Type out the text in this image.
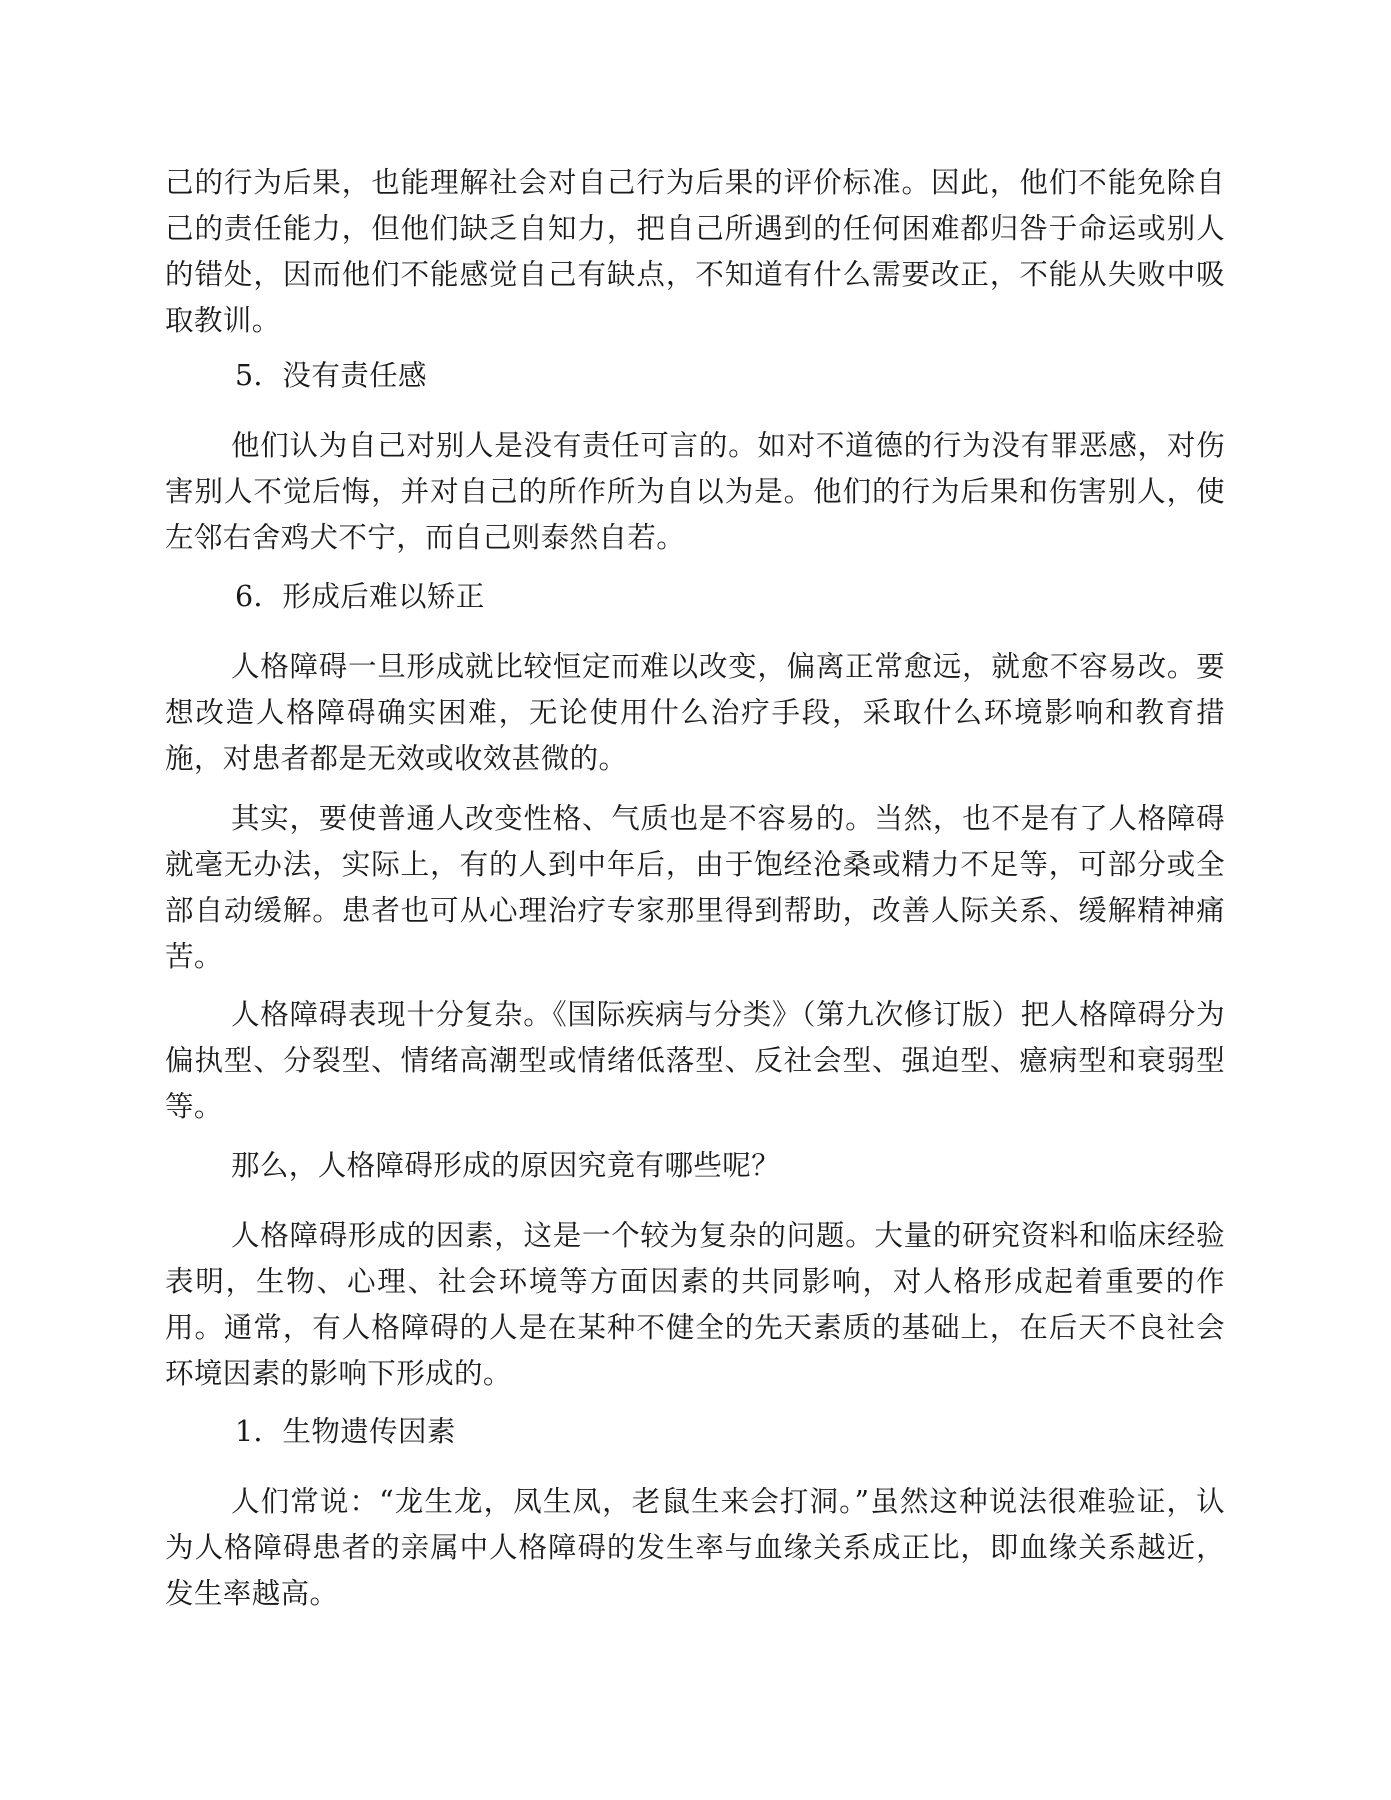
己的行为后果，也能理解社会对自己行为后果的评价标准。因此，他们不能免除自己的责任能力，但他们缺乏自知力，把自己所遇到的任何困难都归咎于命运或别人的错处，因而他们不能感觉自己有缺点，不知道有什么需要改正，不能从失败中吸取教训。

5．没有责任感

他们认为自己对别人是没有责任可言的。如对不道德的行为没有罪恶感，对伤害别人不觉后悔，并对自己的所作所为自以为是。他们的行为后果和伤害别人，使左邻右舍鸡犬不宁，而自己则泰然自若。

6．形成后难以矫正

人格障碍一旦形成就比较恒定而难以改变，偏离正常愈远，就愈不容易改。要想改造人格障碍确实困难，无论使用什么治疗手段，采取什么环境影响和教育措施，对患者都是无效或收效甚微的。

其实，要使普通人改变性格、气质也是不容易的。当然，也不是有了人格障碍就毫无办法，实际上，有的人到中年后，由于饱经沧桑或精力不足等，可部分或全部自动缓解。患者也可从心理治疗专家那里得到帮助，改善人际关系、缓解精神痛苦。

人格障碍表现十分复杂。《国际疾病与分类》（第九次修订版）把人格障碍分为偏执型、分裂型、情绪高潮型或情绪低落型、反社会型、强迫型、癔病型和衰弱型等。

那么，人格障碍形成的原因究竟有哪些呢？

人格障碍形成的因素，这是一个较为复杂的问题。大量的研究资料和临床经验表明，生物、心理、社会环境等方面因素的共同影响，对人格形成起着重要的作用。通常，有人格障碍的人是在某种不健全的先天素质的基础上，在后天不良社会环境因素的影响下形成的。

1．生物遗传因素

人们常说：“龙生龙，凤生凤，老鼠生来会打洞。”虽然这种说法很难验证，认为人格障碍患者的亲属中人格障碍的发生率与血缘关系成正比，即血缘关系越近，发生率越高。
